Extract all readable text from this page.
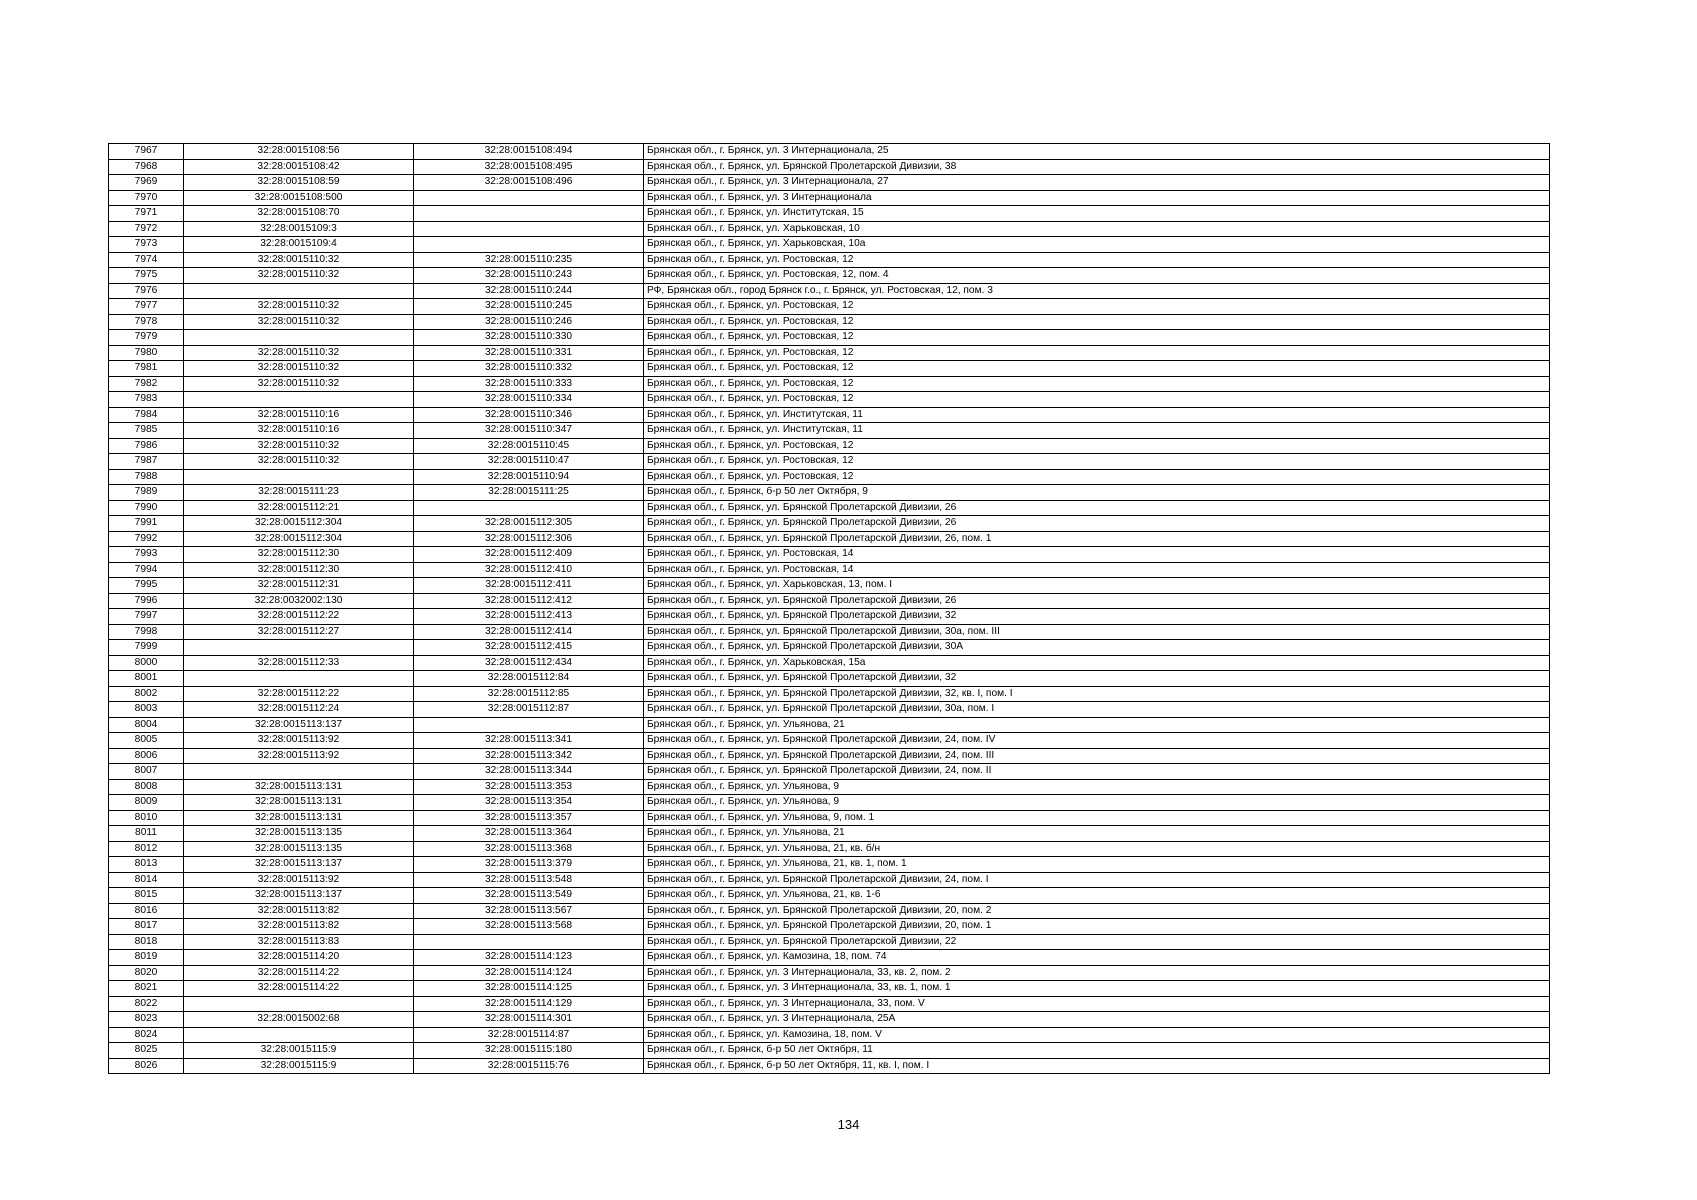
7967	32:28:0015108:56	32:28:0015108:494	Брянская обл., г. Брянск, ул. 3 Интернационала, 25
7968	32:28:0015108:42	32:28:0015108:495	Брянская обл., г. Брянск, ул. Брянской Пролетарской Дивизии, 38
7969	32:28:0015108:59	32:28:0015108:496	Брянская обл., г. Брянск, ул. 3 Интернационала, 27
7970	32:28:0015108:500		Брянская обл., г. Брянск, ул. 3 Интернационала
7971	32:28:0015108:70		Брянская обл., г. Брянск, ул. Институтская, 15
7972	32:28:0015109:3		Брянская обл., г. Брянск, ул. Харьковская, 10
7973	32:28:0015109:4		Брянская обл., г. Брянск, ул. Харьковская, 10а
7974	32:28:0015110:32	32:28:0015110:235	Брянская обл., г. Брянск, ул. Ростовская, 12
7975	32:28:0015110:32	32:28:0015110:243	Брянская обл., г. Брянск, ул. Ростовская, 12, пом. 4
7976		32:28:0015110:244	РФ, Брянская обл., город Брянск г.о., г. Брянск, ул. Ростовская, 12, пом. 3
7977	32:28:0015110:32	32:28:0015110:245	Брянская обл., г. Брянск, ул. Ростовская, 12
7978	32:28:0015110:32	32:28:0015110:246	Брянская обл., г. Брянск, ул. Ростовская, 12
7979		32:28:0015110:330	Брянская обл., г. Брянск, ул. Ростовская, 12
7980	32:28:0015110:32	32:28:0015110:331	Брянская обл., г. Брянск, ул. Ростовская, 12
7981	32:28:0015110:32	32:28:0015110:332	Брянская обл., г. Брянск, ул. Ростовская, 12
7982	32:28:0015110:32	32:28:0015110:333	Брянская обл., г. Брянск, ул. Ростовская, 12
7983		32:28:0015110:334	Брянская обл., г. Брянск, ул. Ростовская, 12
7984	32:28:0015110:16	32:28:0015110:346	Брянская обл., г. Брянск, ул. Институтская, 11
7985	32:28:0015110:16	32:28:0015110:347	Брянская обл., г. Брянск, ул. Институтская, 11
7986	32:28:0015110:32	32:28:0015110:45	Брянская обл., г. Брянск, ул. Ростовская, 12
7987	32:28:0015110:32	32:28:0015110:47	Брянская обл., г. Брянск, ул. Ростовская, 12
7988		32:28:0015110:94	Брянская обл., г. Брянск, ул. Ростовская, 12
7989	32:28:0015111:23	32:28:0015111:25	Брянская обл., г. Брянск, б-р 50 лет Октября, 9
7990	32:28:0015112:21		Брянская обл., г. Брянск, ул. Брянской Пролетарской Дивизии, 26
7991	32:28:0015112:304	32:28:0015112:305	Брянская обл., г. Брянск, ул. Брянской Пролетарской Дивизии, 26
7992	32:28:0015112:304	32:28:0015112:306	Брянская обл., г. Брянск, ул. Брянской Пролетарской Дивизии, 26, пом. 1
7993	32:28:0015112:30	32:28:0015112:409	Брянская обл., г. Брянск, ул. Ростовская, 14
7994	32:28:0015112:30	32:28:0015112:410	Брянская обл., г. Брянск, ул. Ростовская, 14
7995	32:28:0015112:31	32:28:0015112:411	Брянская обл., г. Брянск, ул. Харьковская, 13, пом. I
7996	32:28:0032002:130	32:28:0015112:412	Брянская обл., г. Брянск, ул. Брянской Пролетарской Дивизии, 26
7997	32:28:0015112:22	32:28:0015112:413	Брянская обл., г. Брянск, ул. Брянской Пролетарской Дивизии, 32
7998	32:28:0015112:27	32:28:0015112:414	Брянская обл., г. Брянск, ул. Брянской Пролетарской Дивизии, 30а, пом. III
7999		32:28:0015112:415	Брянская обл., г. Брянск, ул. Брянской Пролетарской Дивизии, 30А
8000	32:28:0015112:33	32:28:0015112:434	Брянская обл., г. Брянск, ул. Харьковская, 15а
8001		32:28:0015112:84	Брянская обл., г. Брянск, ул. Брянской Пролетарской Дивизии, 32
8002	32:28:0015112:22	32:28:0015112:85	Брянская обл., г. Брянск, ул. Брянской Пролетарской Дивизии, 32, кв. I, пом. I
8003	32:28:0015112:24	32:28:0015112:87	Брянская обл., г. Брянск, ул. Брянской Пролетарской Дивизии, 30а, пом. I
8004	32:28:0015113:137		Брянская обл., г. Брянск, ул. Ульянова, 21
8005	32:28:0015113:92	32:28:0015113:341	Брянская обл., г. Брянск, ул. Брянской Пролетарской Дивизии, 24, пом. IV
8006	32:28:0015113:92	32:28:0015113:342	Брянская обл., г. Брянск, ул. Брянской Пролетарской Дивизии, 24, пом. III
8007		32:28:0015113:344	Брянская обл., г. Брянск, ул. Брянской Пролетарской Дивизии, 24, пом. II
8008	32:28:0015113:131	32:28:0015113:353	Брянская обл., г. Брянск, ул. Ульянова, 9
8009	32:28:0015113:131	32:28:0015113:354	Брянская обл., г. Брянск, ул. Ульянова, 9
8010	32:28:0015113:131	32:28:0015113:357	Брянская обл., г. Брянск, ул. Ульянова, 9, пом. 1
8011	32:28:0015113:135	32:28:0015113:364	Брянская обл., г. Брянск, ул. Ульянова, 21
8012	32:28:0015113:135	32:28:0015113:368	Брянская обл., г. Брянск, ул. Ульянова, 21, кв. б/н
8013	32:28:0015113:137	32:28:0015113:379	Брянская обл., г. Брянск, ул. Ульянова, 21, кв. 1, пом. 1
8014	32:28:0015113:92	32:28:0015113:548	Брянская обл., г. Брянск, ул. Брянской Пролетарской Дивизии, 24, пом. I
8015	32:28:0015113:137	32:28:0015113:549	Брянская обл., г. Брянск, ул. Ульянова, 21, кв. 1-6
8016	32:28:0015113:82	32:28:0015113:567	Брянская обл., г. Брянск, ул. Брянской Пролетарской Дивизии, 20, пом. 2
8017	32:28:0015113:82	32:28:0015113:568	Брянская обл., г. Брянск, ул. Брянской Пролетарской Дивизии, 20, пом. 1
8018	32:28:0015113:83		Брянская обл., г. Брянск, ул. Брянской Пролетарской Дивизии, 22
8019	32:28:0015114:20	32:28:0015114:123	Брянская обл., г. Брянск, ул. Камозина, 18, пом. 74
8020	32:28:0015114:22	32:28:0015114:124	Брянская обл., г. Брянск, ул. 3 Интернационала, 33, кв. 2, пом. 2
8021	32:28:0015114:22	32:28:0015114:125	Брянская обл., г. Брянск, ул. 3 Интернационала, 33, кв. 1, пом. 1
8022		32:28:0015114:129	Брянская обл., г. Брянск, ул. 3 Интернационала, 33, пом. V
8023	32:28:0015002:68	32:28:0015114:301	Брянская обл., г. Брянск, ул. 3 Интернационала, 25А
8024		32:28:0015114:87	Брянская обл., г. Брянск, ул. Камозина, 18, пом. V
8025	32:28:0015115:9	32:28:0015115:180	Брянская обл., г. Брянск, б-р 50 лет Октября, 11
8026	32:28:0015115:9	32:28:0015115:76	Брянская обл., г. Брянск, б-р 50 лет Октября, 11, кв. I, пом. I
134
